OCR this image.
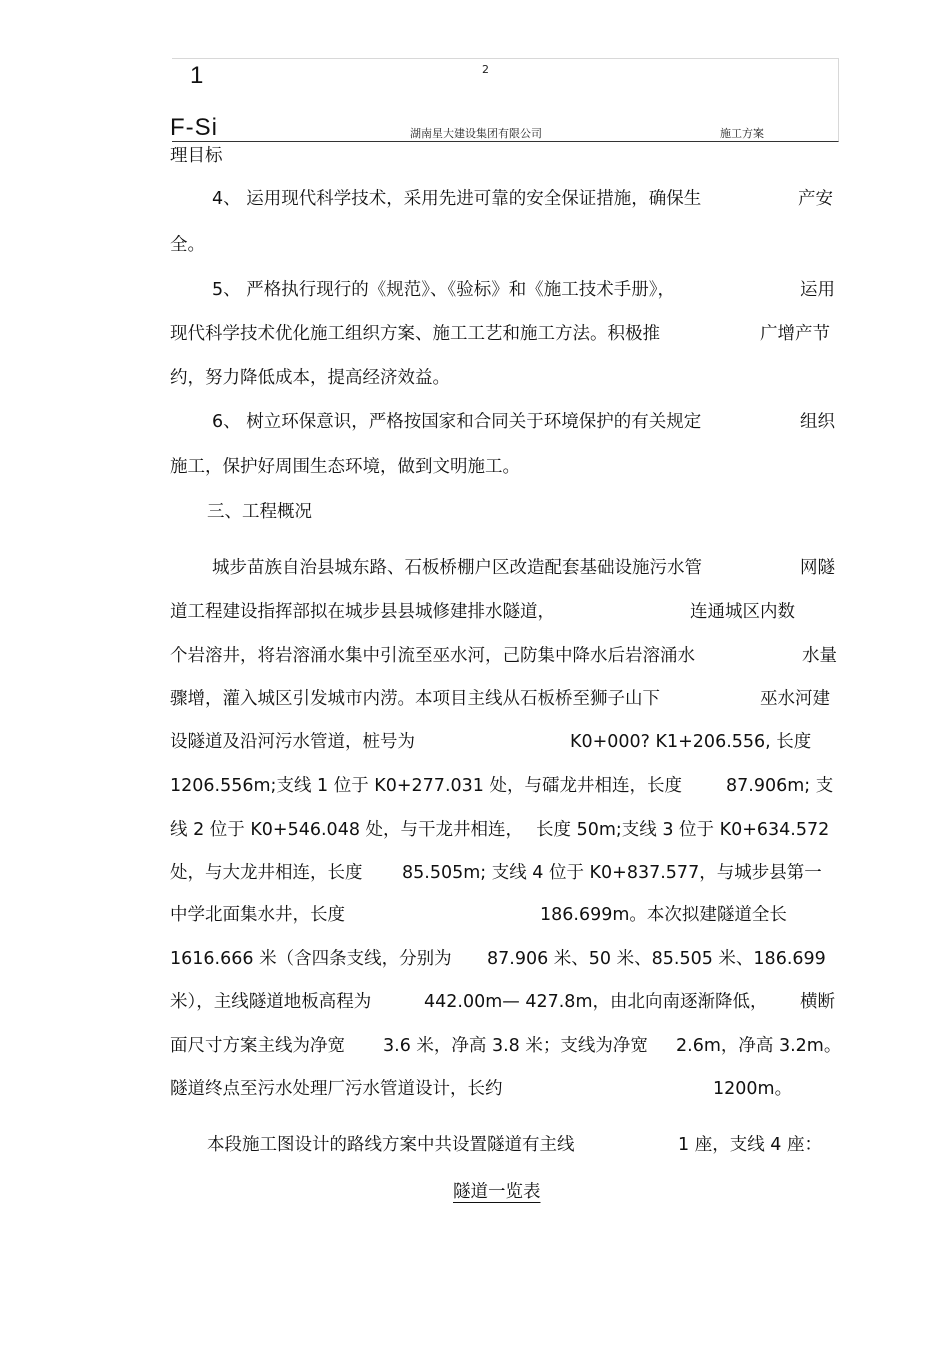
2
1
F-Si	湖南星大建设集团有限公司	施工方案
理目标
4、 运用现代科学技术，采用先进可靠的安全保证措施，确保生	产安
全。
5、 严格执行现行的《规范》、《验标》和《施工技术手册》，	运用
现代科学技术优化施工组织方案、施工工艺和施工方法。积极推	广增产节
约，努力降低成本，提高经济效益。
6、 树立环保意识，严格按国家和合同关于环境保护的有关规定	组织
施工，保护好周围生态环境，做到文明施工。
三、工程概况
城步苗族自治县城东路、石板桥棚户区改造配套基础设施污水管	网隧
道工程建设指挥部拟在城步县县城修建排水隧道，	连通城区内数
个岩溶井，将岩溶涌水集中引流至巫水河，己防集中降水后岩溶涌水	水量
骤增，灌入城区引发城市内涝。本项目主线从石板桥至狮子山下	巫水河建
设隧道及沿河污水管道，桩号为	K0+000? K1+206.556, 长度
1206.556m;支线 1 位于 K0+277.031 处，与礌龙井相连，长度	87.906m; 支
线 2 位于 K0+546.048 处，与干龙井相连， 长度 50m;支线 3 位于 K0+634.572
处，与大龙井相连，长度 85.505m; 支线 4 位于 K0+837.577，与城步县第一
中学北面集水井，长度	186.699m。本次拟建隧道全长
1616.666 米（含四条支线，分别为 87.906 米、50 米、85.505 米、186.699
米），主线隧道地板高程为	442.00m— 427.8m，由北向南逐渐降低， 横断
面尺寸方案主线为净宽 3.6 米，净高 3.8 米；支线为净宽 2.6m，净高 3.2m。
隧道终点至污水处理厂污水管道设计，长约	1200m。
本段施工图设计的路线方案中共设置隧道有主线	1 座，支线 4 座：
隧道一览表
